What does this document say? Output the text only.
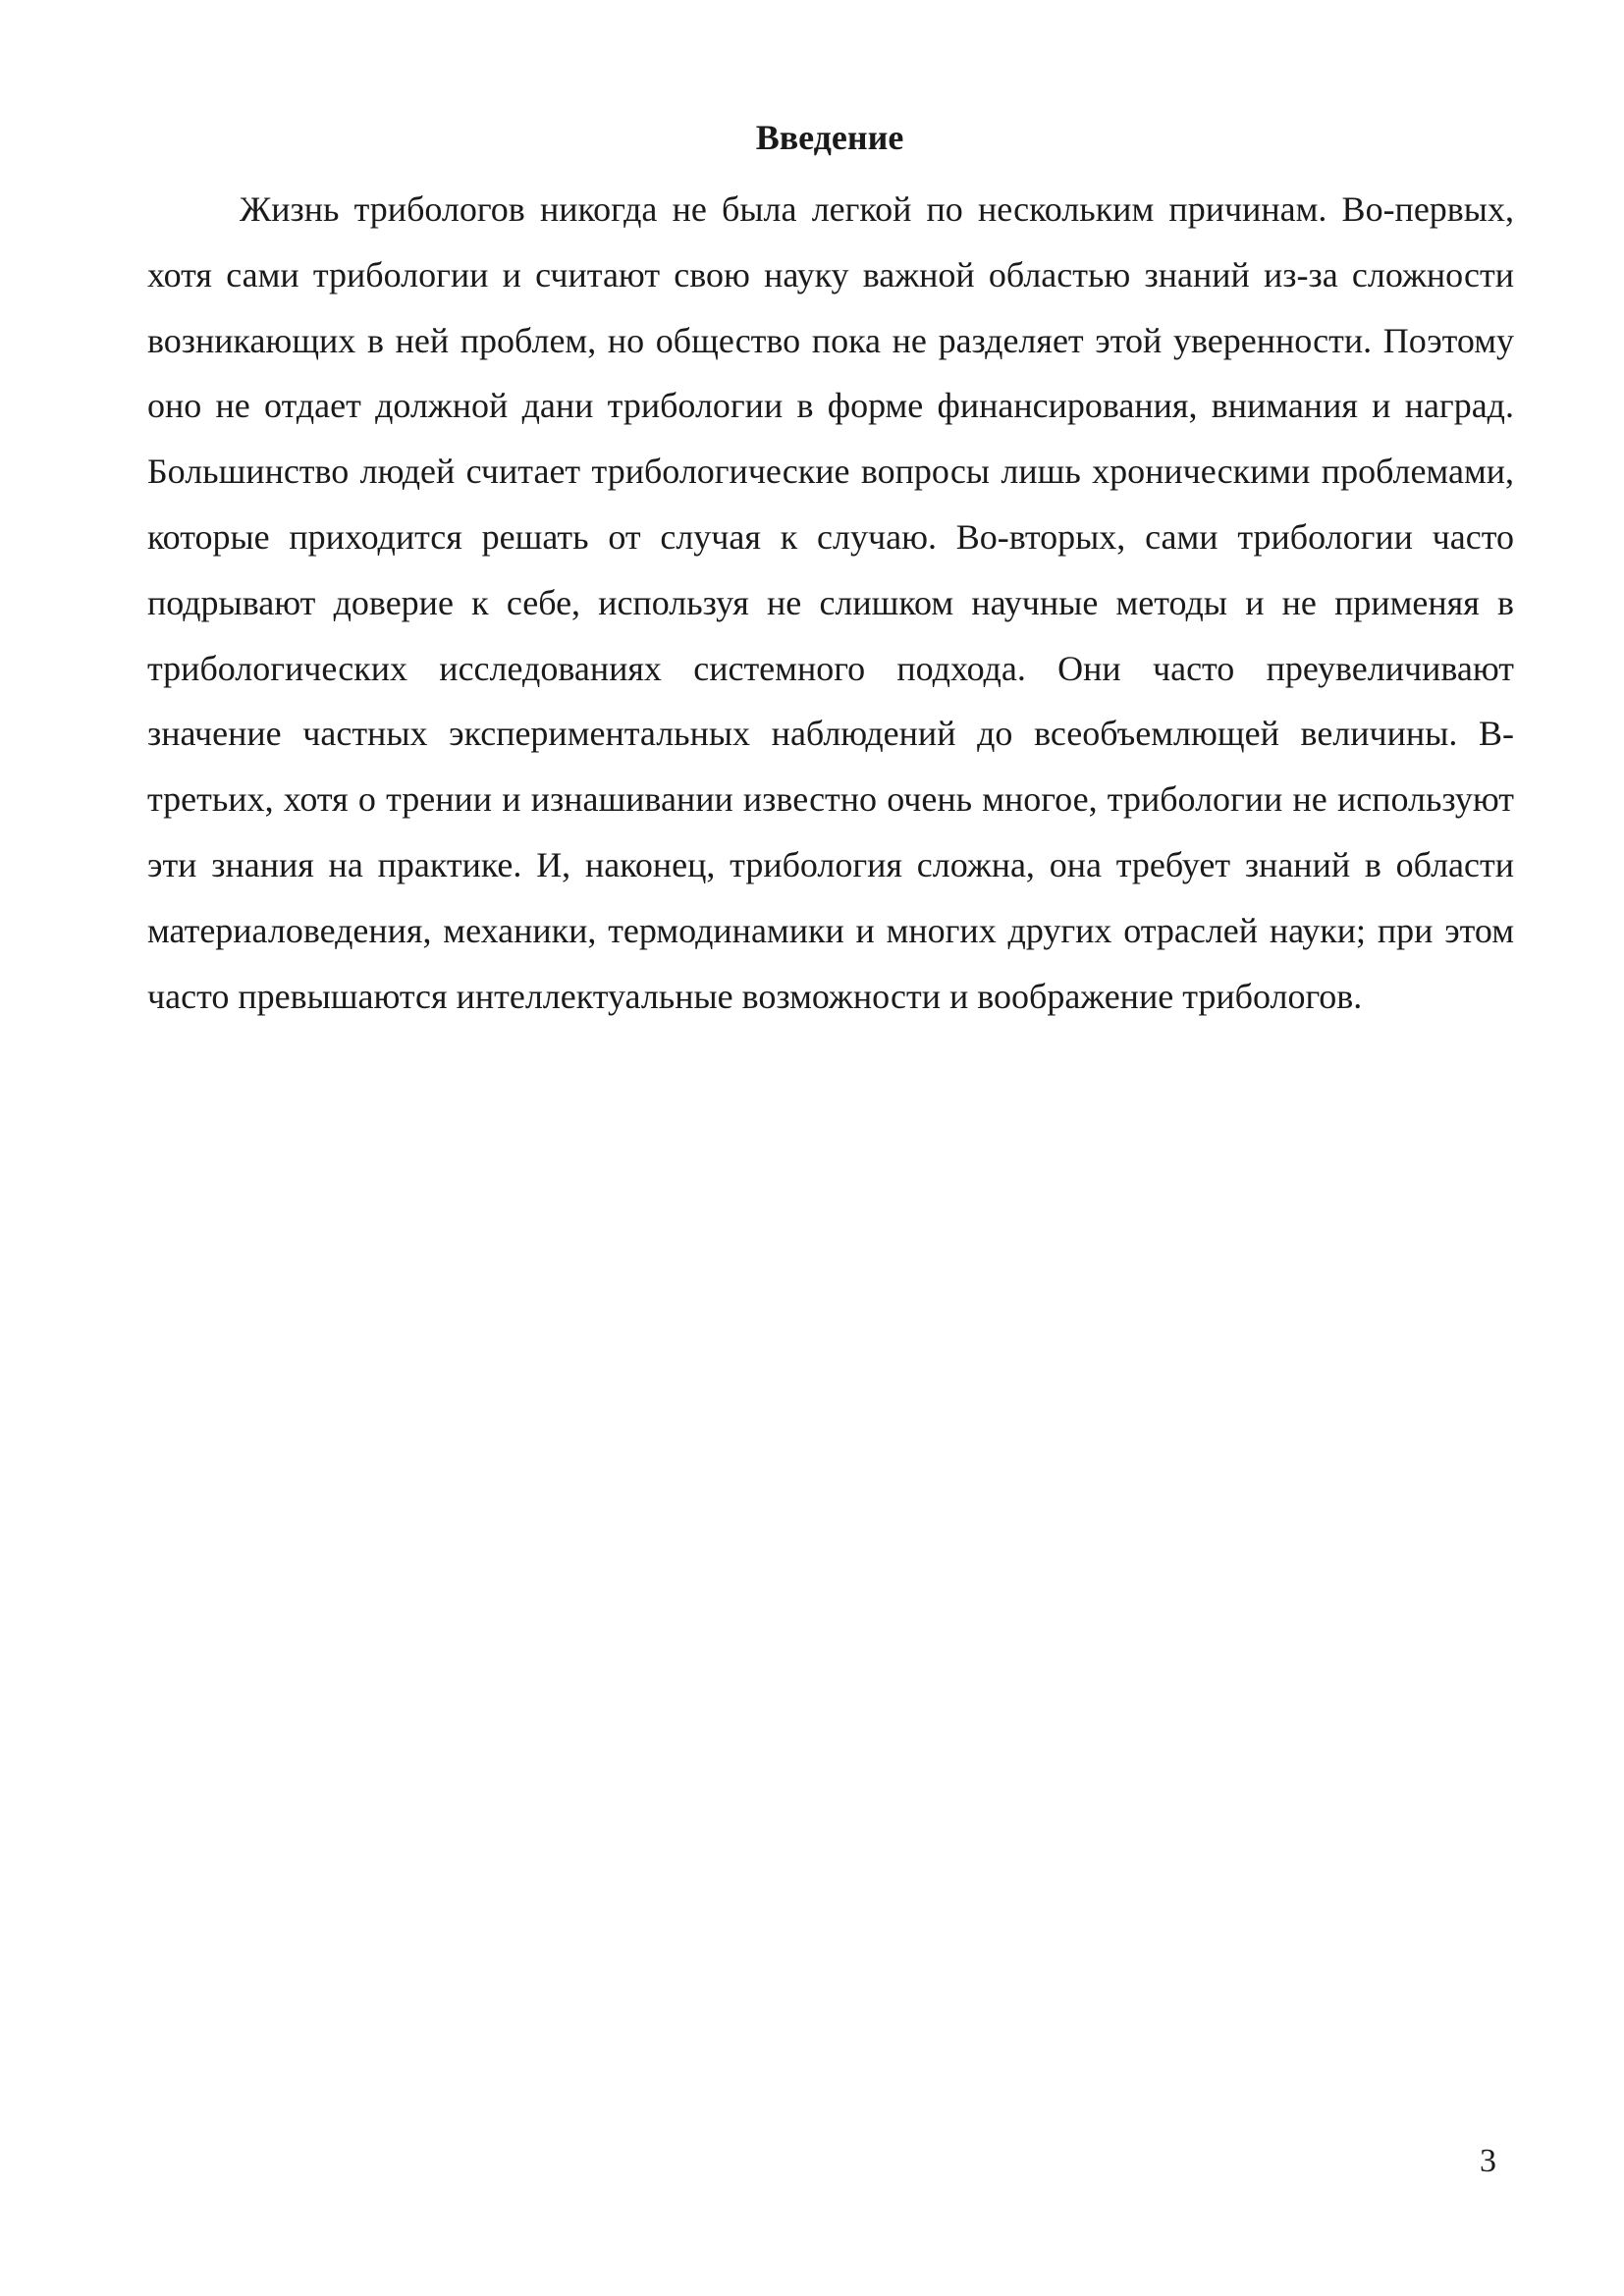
Введение

Жизнь трибологов никогда не была легкой по нескольким причинам. Во-первых, хотя сами трибологии и считают свою науку важной областью знаний из-за сложности возникающих в ней проблем, но общество пока не разделяет этой уверенности. Поэтому оно не отдает должной дани трибологии в форме финансирования, внимания и наград. Большинство людей считает трибологические вопросы лишь хроническими проблемами, которые приходится решать от случая к случаю. Во-вторых, сами трибологии часто подрывают доверие к себе, используя не слишком научные методы и не применяя в трибологических исследованиях системного подхода. Они часто преувеличивают значение частных экспериментальных наблюдений до всеобъемлющей величины. В-третьих, хотя о трении и изнашивании известно очень многое, трибологии не используют эти знания на практике. И, наконец, трибология сложна, она требует знаний в области материаловедения, механики, термодинамики и многих других отраслей науки; при этом часто превышаются интеллектуальные возможности и воображение трибологов.

3
